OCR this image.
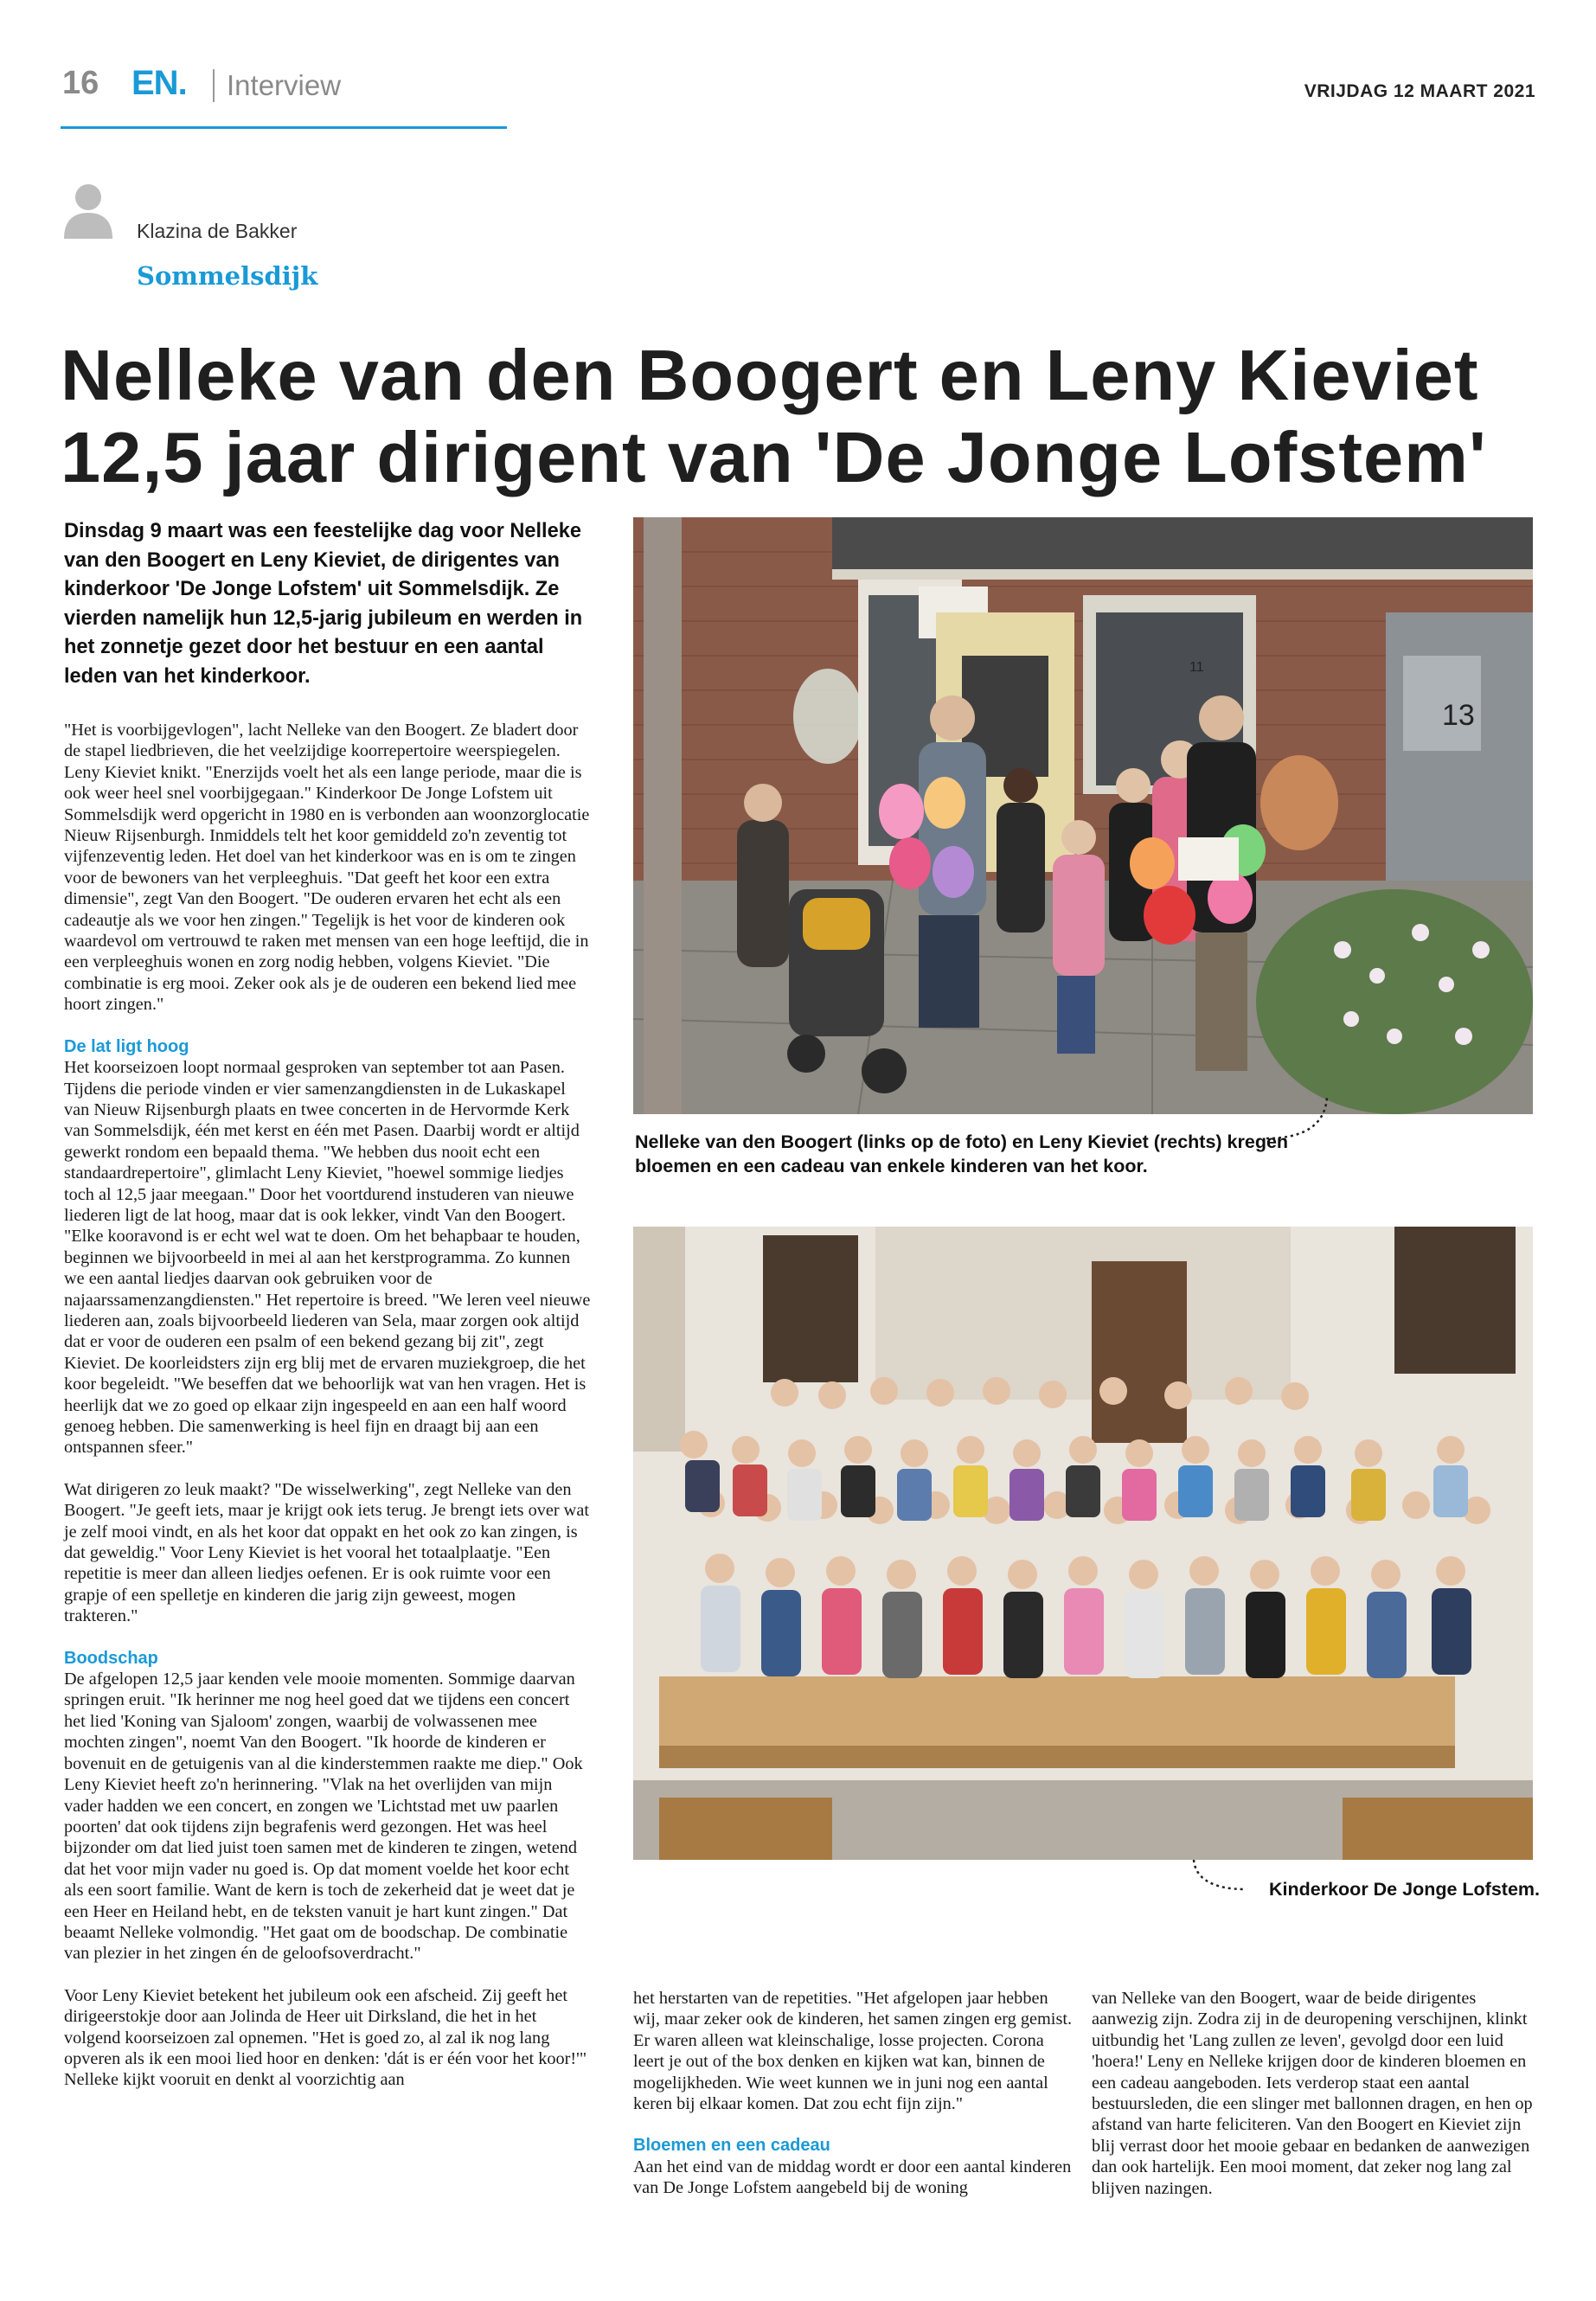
16 EN. Interview	VRIJDAG 12 MAART 2021
Klazina de Bakker
Sommelsdijk
Nelleke van den Boogert en Leny Kieviet
12,5 jaar dirigent van 'De Jonge Lofstem'
Dinsdag 9 maart was een feestelijke dag voor Nelleke van den Boogert en Leny Kieviet, de dirigentes van kinderkoor 'De Jonge Lofstem' uit Sommelsdijk. Ze vierden namelijk hun 12,5-jarig jubileum en werden in het zonnetje gezet door het bestuur en een aantal leden van het kinderkoor.

"Het is voorbijgevlogen", lacht Nelleke van den Boogert. Ze bladert door de stapel liedbrieven, die het veelzijdige koorrepertoire weerspiegelen. Leny Kieviet knikt. "Enerzijds voelt het als een lange periode, maar die is ook weer heel snel voorbijgegaan." Kinderkoor De Jonge Lofstem uit Sommelsdijk werd opgericht in 1980 en is verbonden aan woonzorglocatie Nieuw Rijsenburgh. Inmiddels telt het koor gemiddeld zo'n zeventig tot vijfenzeventig leden. Het doel van het kinderkoor was en is om te zingen voor de bewoners van het verpleeghuis. "Dat geeft het koor een extra dimensie", zegt Van den Boogert. "De ouderen ervaren het echt als een cadeautje als we voor hen zingen." Tegelijk is het voor de kinderen ook waardevol om vertrouwd te raken met mensen van een hoge leeftijd, die in een verpleeghuis wonen en zorg nodig hebben, volgens Kieviet. "Die combinatie is erg mooi. Zeker ook als je de ouderen een bekend lied mee hoort zingen."

De lat ligt hoog
Het koorseizoen loopt normaal gesproken van september tot aan Pasen. Tijdens die periode vinden er vier samenzangdiensten in de Lukaskapel van Nieuw Rijsenburgh plaats en twee concerten in de Hervormde Kerk van Sommelsdijk, één met kerst en één met Pasen. Daarbij wordt er altijd gewerkt rondom een bepaald thema. "We hebben dus nooit echt een standaardrepertoire", glimlacht Leny Kieviet, "hoewel sommige liedjes toch al 12,5 jaar meegaan." Door het voortdurend instuderen van nieuwe liederen ligt de lat hoog, maar dat is ook lekker, vindt Van den Boogert. "Elke kooravond is er echt wel wat te doen. Om het behapbaar te houden, beginnen we bijvoorbeeld in mei al aan het kerstprogramma. Zo kunnen we een aantal liedjes daarvan ook gebruiken voor de najaarssamenzangdiensten." Het repertoire is breed. "We leren veel nieuwe liederen aan, zoals bijvoorbeeld liederen van Sela, maar zorgen ook altijd dat er voor de ouderen een psalm of een bekend gezang bij zit", zegt Kieviet. De koorleidsters zijn erg blij met de ervaren muziekgroep, die het koor begeleidt. "We beseffen dat we behoorlijk wat van hen vragen. Het is heerlijk dat we zo goed op elkaar zijn ingespeeld en aan een half woord genoeg hebben. Die samenwerking is heel fijn en draagt bij aan een ontspannen sfeer."

Wat dirigeren zo leuk maakt? "De wisselwerking", zegt Nelleke van den Boogert. "Je geeft iets, maar je krijgt ook iets terug. Je brengt iets over wat je zelf mooi vindt, en als het koor dat oppakt en het ook zo kan zingen, is dat geweldig." Voor Leny Kieviet is het vooral het totaalplaatje. "Een repetitie is meer dan alleen liedjes oefenen. Er is ook ruimte voor een grapje of een spelletje en kinderen die jarig zijn geweest, mogen trakteren."

Boodschap
De afgelopen 12,5 jaar kenden vele mooie momenten. Sommige daarvan springen eruit. "Ik herinner me nog heel goed dat we tijdens een concert het lied 'Koning van Sjaloom' zongen, waarbij de volwassenen mee mochten zingen", noemt Van den Boogert. "Ik hoorde de kinderen er bovenuit en de getuigenis van al die kinderstemmen raakte me diep." Ook Leny Kieviet heeft zo'n herinnering. "Vlak na het overlijden van mijn vader hadden we een concert, en zongen we 'Lichtstad met uw paarlen poorten' dat ook tijdens zijn begrafenis werd gezongen. Het was heel bijzonder om dat lied juist toen samen met de kinderen te zingen, wetend dat het voor mijn vader nu goed is. Op dat moment voelde het koor echt als een soort familie. Want de kern is toch de zekerheid dat je weet dat je een Heer en Heiland hebt, en de teksten vanuit je hart kunt zingen." Dat beaamt Nelleke volmondig. "Het gaat om de boodschap. De combinatie van plezier in het zingen én de geloofsoverdracht."

Voor Leny Kieviet betekent het jubileum ook een afscheid. Zij geeft het dirigeerstokje door aan Jolinda de Heer uit Dirksland, die het in het volgend koorseizoen zal opnemen. "Het is goed zo, al zal ik nog lang opveren als ik een mooi lied hoor en denken: 'dát is er één voor het koor!'" Nelleke kijkt vooruit en denkt al voorzichtig aan

het herstarten van de repetities. "Het afgelopen jaar hebben wij, maar zeker ook de kinderen, het samen zingen erg gemist. Er waren alleen wat kleinschalige, losse projecten. Corona leert je out of the box denken en kijken wat kan, binnen de mogelijkheden. Wie weet kunnen we in juni nog een aantal keren bij elkaar komen. Dat zou echt fijn zijn."

Bloemen en een cadeau
Aan het eind van de middag wordt er door een aantal kinderen van De Jonge Lofstem aangebeld bij de woning

van Nelleke van den Boogert, waar de beide dirigentes aanwezig zijn. Zodra zij in de deuropening verschijnen, klinkt uitbundig het 'Lang zullen ze leven', gevolgd door een luid 'hoera!' Leny en Nelleke krijgen door de kinderen bloemen en een cadeau aangeboden. Iets verderop staat een aantal bestuursleden, die een slinger met ballonnen dragen, en hen op afstand van harte feliciteren. Van den Boogert en Kieviet zijn blij verrast door het mooie gebaar en bedanken de aanwezigen dan ook hartelijk. Een mooi moment, dat zeker nog lang zal blijven nazingen.

13
11
Nelleke van den Boogert (links op de foto) en Leny Kieviet (rechts) kregen bloemen en een cadeau van enkele kinderen van het koor.
Kinderkoor De Jonge Lofstem.
